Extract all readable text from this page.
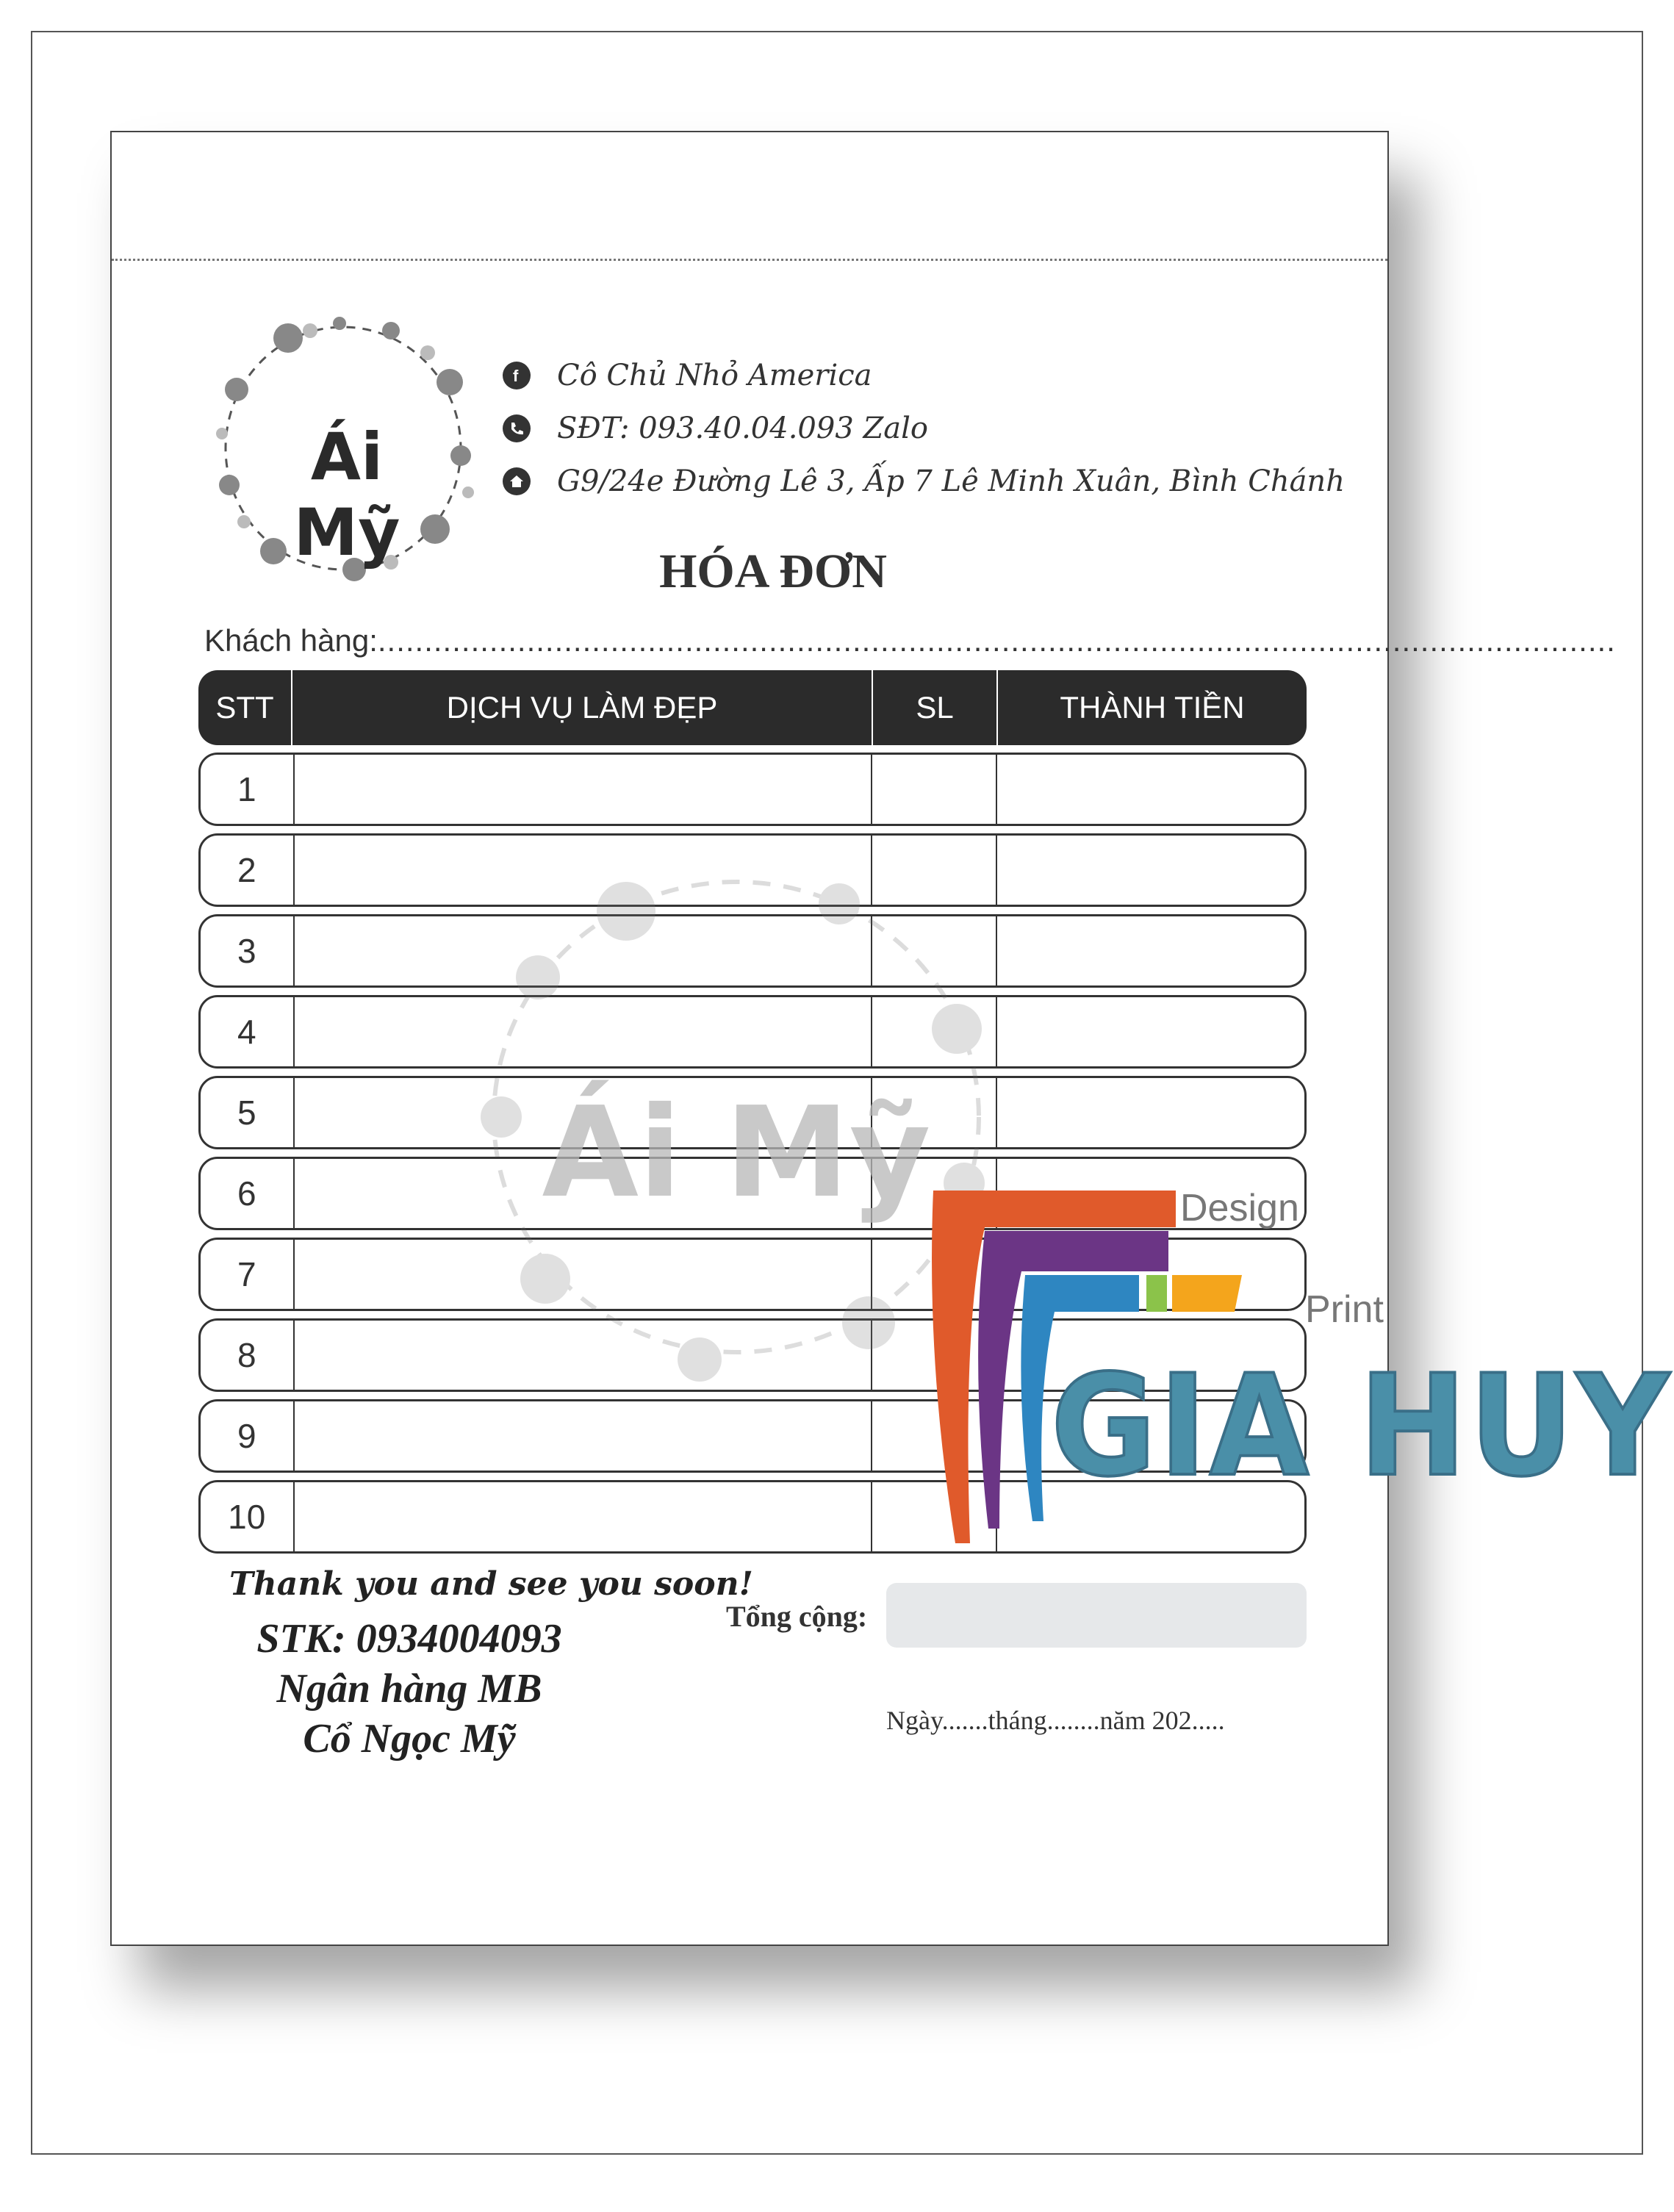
Ái Mỹ
f Cô Chủ Nhỏ America
SĐT: 093.40.04.093 Zalo
G9/24e Đường Lê 3, Ấp 7 Lê Minh Xuân, Bình Chánh
HÓA ĐƠN
Khách hàng:.....................................................................................................................................
STT	DỊCH VỤ LÀM ĐẸP	SL	THÀNH TIỀN
1
2
3
4
5
6
7
8
9
10
Ái Mỹ
Thank you and see you soon!
STK: 0934004093
Ngân hàng MB
Cổ Ngọc Mỹ
Tổng cộng:
Ngày.......tháng........năm 202.....
Design
Print
GIA HUY
